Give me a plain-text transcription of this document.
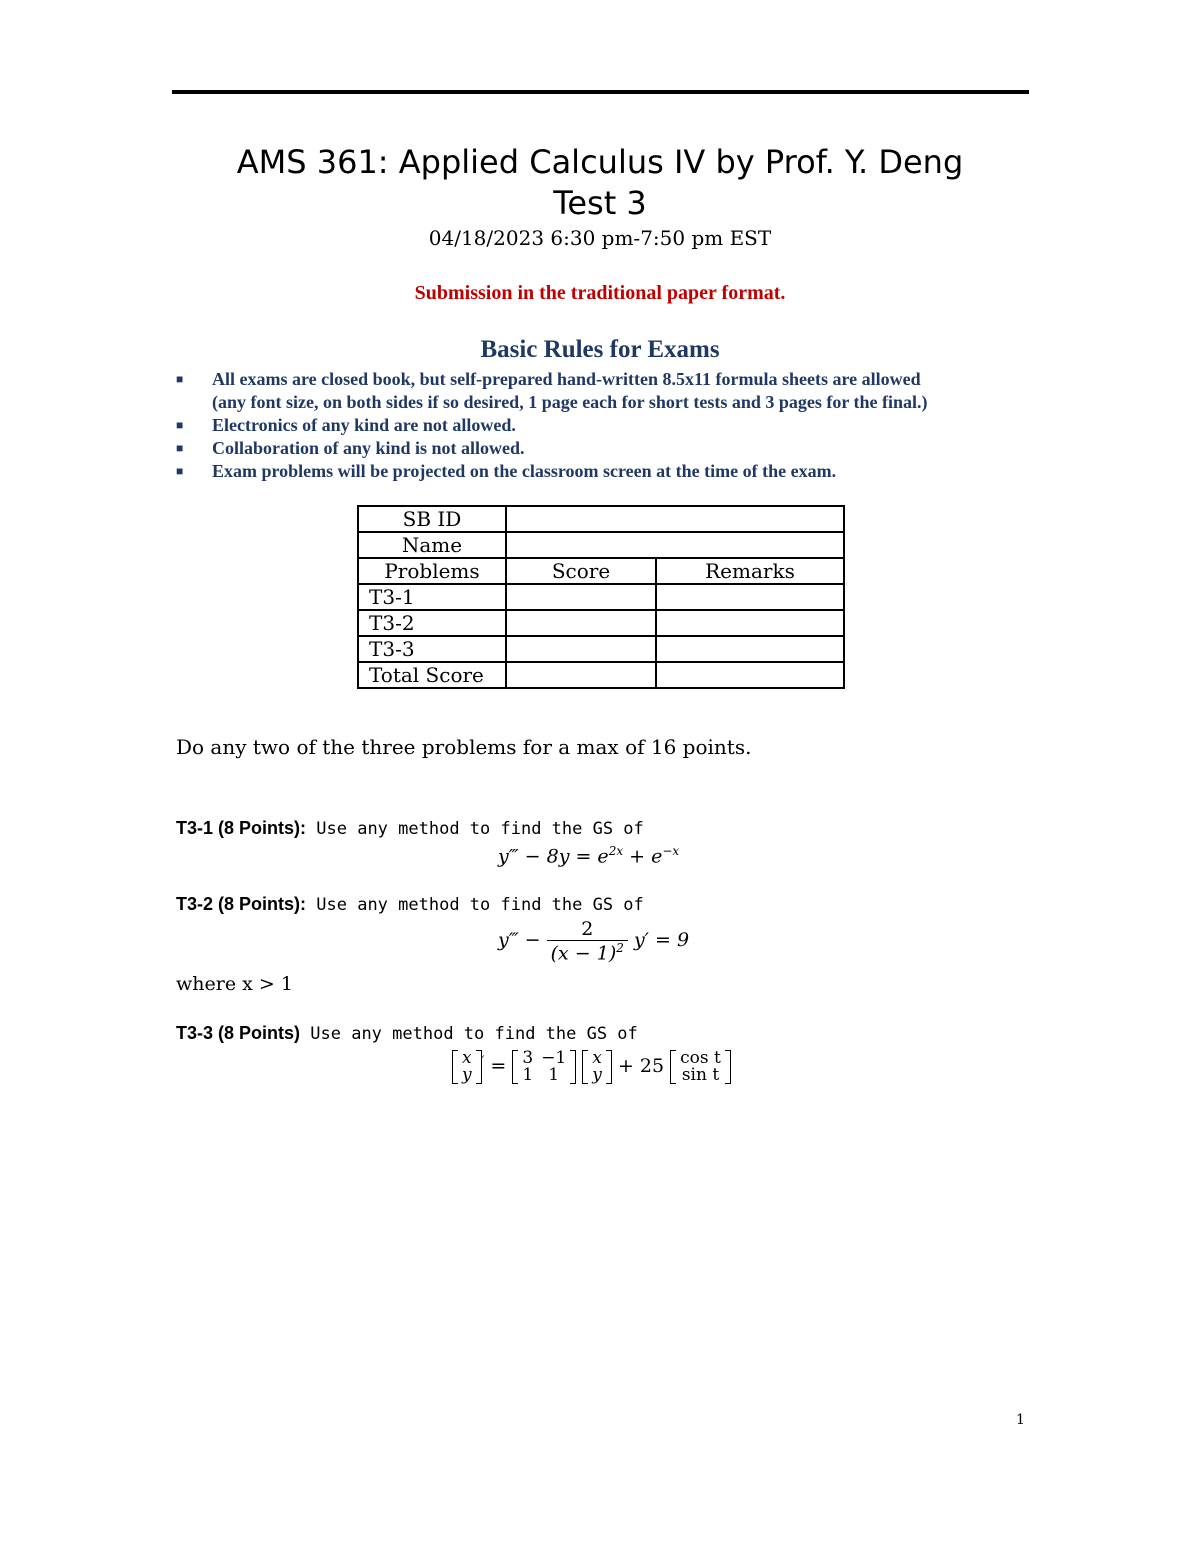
AMS 361: Applied Calculus IV by Prof. Y. Deng
Test 3
04/18/2023 6:30 pm-7:50 pm EST
Submission in the traditional paper format.
Basic Rules for Exams
■ All exams are closed book, but self-prepared hand-written 8.5x11 formula sheets are allowed
(any font size, on both sides if so desired, 1 page each for short tests and 3 pages for the final.)
■ Electronics of any kind are not allowed.
■ Collaboration of any kind is not allowed.
■ Exam problems will be projected on the classroom screen at the time of the exam.
SB ID		
Name		
Problems	Score	Remarks
T3-1		
T3-2		
T3-3		
Total Score		
Do any two of the three problems for a max of 16 points.
T3-1 (8 Points): Use any method to find the GS of
y‴ − $8y = e^{2x} + e^{-x}$
T3-2 (8 Points): Use any method to find the GS of
y‴ − $\frac{2}{(x - 1)^2} y' = 9$
where x > 1
T3-3 (8 Points) Use any method to find the GS of
x
y
′ = 3	−1
1	1

x
y + 25 cos t
sin t
1
